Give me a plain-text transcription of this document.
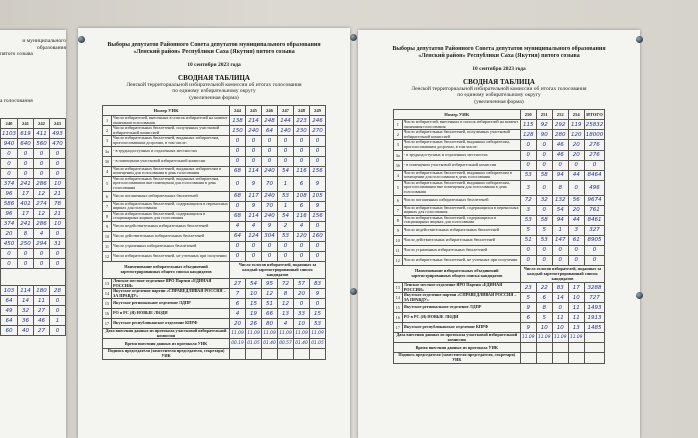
и муниципального образования
пятого созыва
а голосования
240	241	242	243
1103	619	411	493
940	640	560	470
0	0	0	0
0	0	0	0
0	0	0	0
374	241	286	10
96	17	12	21
586	401	274	78
96	17	12	21
374	241	286	10
20	8	4	0
450	250	294	31
0	0	0	0
0	0	0	0

103	114	180	28
64	14	11	0
49	32	27	0
64	36	46	1
60	40	27	0
Выборы депутатов Районного Совета депутатов муниципального образования
«Ленский район» Республики Саха (Якутия) пятого созыва
10 сентября 2023 года
СВОДНАЯ ТАБЛИЦА
Ленской территориальной избирательной комиссии об итогах голосования
по единому избирательному округу
(увеличенная форма)
Номер УИК		244	245	246	247	248	249
1	Число избирателей, внесенных в список избирателей на момент окончания голосования	138	214	248	144	223	246
2	Число избирательных бюллетеней, полученных участковой избирательной комиссией	150	240	64	140	230	270
3	Число избирательных бюллетеней, выданных избирателям, проголосовавшим досрочно, в том числе:	0	0	0	0	0	0
3а	- в труднодоступных и отдаленных местностях	0	0	0	0	0	0
3б	- в помещении участковой избирательной комиссии	0	0	0	0	0	0
4	Число избирательных бюллетеней, выданных избирателям в помещении для голосования в день голосования	68	114	240	54	116	156
5	Число избирательных бюллетеней, выданных избирателям, проголосовавшим вне помещения для голосования в день голосования	0	9	70	1	6	9
6	Число погашенных избирательных бюллетеней	68	117	240	53	108	105
7	Число избирательных бюллетеней, содержащихся в переносных ящиках для голосования	0	9	70	1	6	9
8	Число избирательных бюллетеней, содержащихся в стационарных ящиках для голосования	68	114	240	54	116	156
9	Число недействительных избирательных бюллетеней	4	4	9	2	4	0
10	Число действительных избирательных бюллетеней	64	124	304	53	120	160
11	Число утраченных избирательных бюллетеней	0	0	0	0	0	0
12	Число избирательных бюллетеней, не учтенных при получении	0	0	0	0	0	0
Наименование избирательных объединений зарегистрированных общего списка кандидатов		Число голосов избирателей, поданных за каждый зарегистрированный список кандидатов					
13	Ленское местное отделение ЯРО Партии «ЕДИНАЯ РОССИЯ»	27	54	95	72	57	83
14	Якутское отделение партии «СПРАВЕДЛИВАЯ РОССИЯ – ЗА ПРАВДУ»	7	10	12	8	20	9
15	Якутское региональное отделение ЛДПР	6	15	51	12	0	0
16	РО в РС (Я) НОВЫЕ ЛЮДИ	4	19	66	13	33	15
17	Якутское республиканское отделение КПРФ	20	26	80	4	10	53
Дата внесения данных из протокола участковой избирательной комиссии		11.09	11.09	11.09	11.09	11.09	11.09
Время внесения данных из протокола УИК		00.19	01.05	01.40	00.57	01.40	01.05
Подпись председателя (заместителя председателя, секретаря) УИК							
Выборы депутатов Районного Совета депутатов муниципального образования
«Ленский район» Республики Саха (Якутия) пятого созыва
10 сентября 2023 года
СВОДНАЯ ТАБЛИЦА
Ленской территориальной избирательной комиссии об итогах голосования
по единому избирательному округу
(увеличенная форма)
Номер УИК		250	251	252	254	ИТОГО
1	Число избирателей, внесенных в список избирателей на момент окончания голосования	115	92	292	119	25832
2	Число избирательных бюллетеней, полученных участковой избирательной комиссией	128	90	280	120	18000
3	Число избирательных бюллетеней, выданных избирателям, проголосовавшим досрочно, в том числе:	0	0	46	20	276
3а	- в труднодоступных и отдаленных местностях	0	0	46	20	276
3б	- в помещении участковой избирательной комиссии	0	0	0	0	0
4	Число избирательных бюллетеней, выданных избирателям в помещении для голосования в день голосования	53	58	94	44	8464
5	Число избирательных бюллетеней, выданных избирателям, проголосовавшим вне помещения для голосования в день голосования	3	0	8	0	496
6	Число погашенных избирательных бюллетеней	72	32	132	56	9674
7	Число избирательных бюллетеней, содержащихся в переносных ящиках для голосования	3	0	54	20	761
8	Число избирательных бюллетеней, содержащихся в стационарных ящиках для голосования	53	58	94	44	8461
9	Число недействительных избирательных бюллетеней	5	5	1	3	327
10	Число действительных избирательных бюллетеней	51	53	147	61	8905
11	Число утраченных избирательных бюллетеней	0	0	0	0	0
12	Число избирательных бюллетеней, не учтенных при получении	0	0	0	0	0
Наименование избирательных объединений зарегистрированных общего списка кандидатов		Число голосов избирателей, поданных за каждый зарегистрированный список кандидатов				
13	Ленское местное отделение ЯРО Партии «ЕДИНАЯ РОССИЯ»	23	22	83	17	3288
14	Якутское отделение партии «СПРАВЕДЛИВАЯ РОССИЯ – ЗА ПРАВДУ»	5	6	14	10	727
15	Якутское региональное отделение ЛДПР	9	8	0	11	1493
16	РО в РС (Я) НОВЫЕ ЛЮДИ	6	5	11	11	1913
17	Якутское республиканское отделение КПРФ	9	10	10	13	1485
Дата внесения данных из протокола участковой избирательной комиссии		11.09	11.09	11.09	11.09	
Время внесения данных из протокола УИК						
Подпись председателя (заместителя председателя, секретаря) УИК						
